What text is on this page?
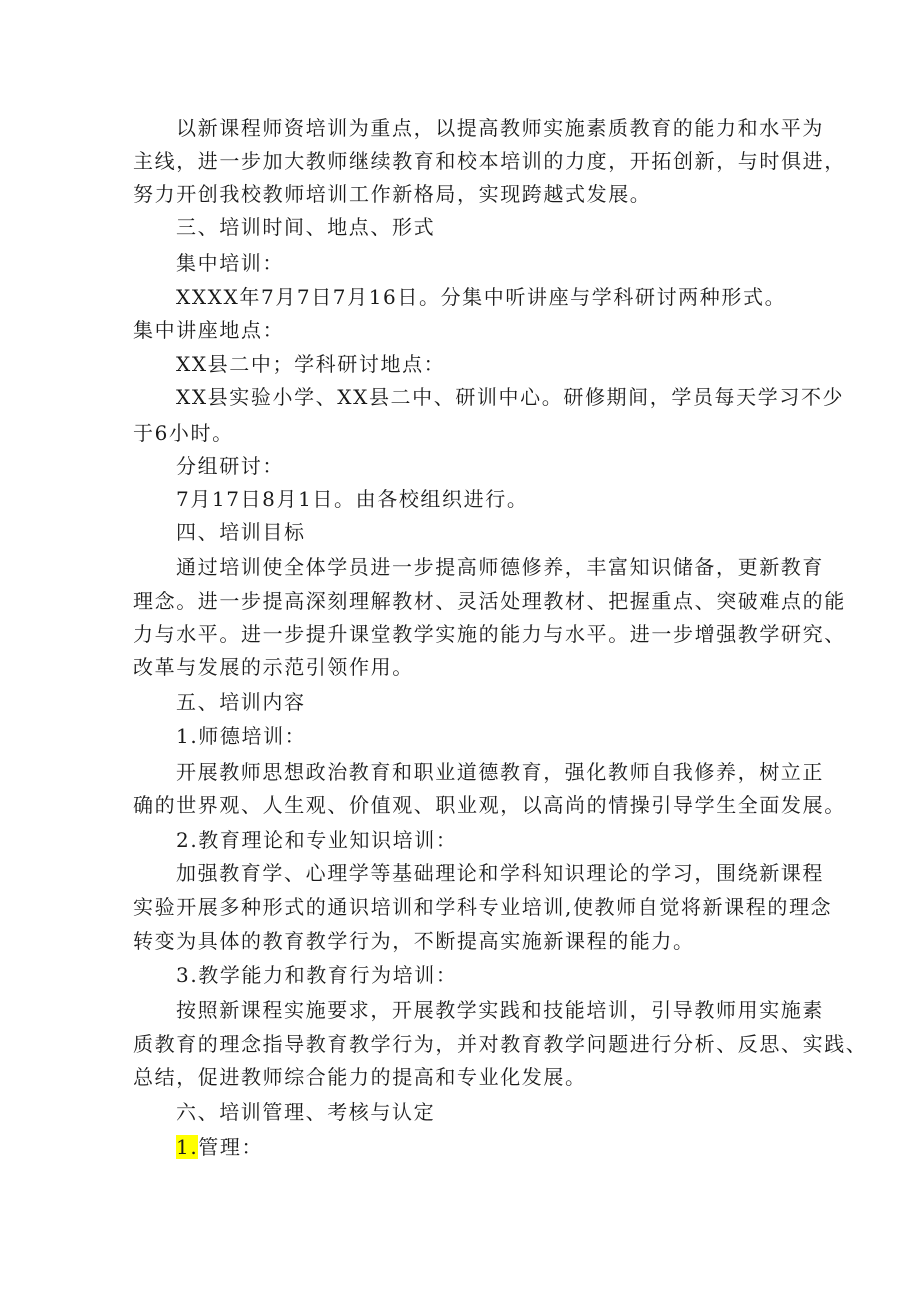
以新课程师资培训为重点，以提高教师实施素质教育的能力和水平为

主线，进一步加大教师继续教育和校本培训的力度，开拓创新，与时俱进，

努力开创我校教师培训工作新格局，实现跨越式发展。

三、培训时间、地点、形式

集中培训：

XXXX年7月7日7月16日。分集中听讲座与学科研讨两种形式。

集中讲座地点：

XX县二中；学科研讨地点：

XX县实验小学、XX县二中、研训中心。研修期间，学员每天学习不少

于6小时。

分组研讨：

7月17日8月1日。由各校组织进行。

四、培训目标

通过培训使全体学员进一步提高师德修养，丰富知识储备，更新教育

理念。进一步提高深刻理解教材、灵活处理教材、把握重点、突破难点的能

力与水平。进一步提升课堂教学实施的能力与水平。进一步增强教学研究、

改革与发展的示范引领作用。

五、培训内容

1.师德培训：

开展教师思想政治教育和职业道德教育，强化教师自我修养，树立正

确的世界观、人生观、价值观、职业观，以高尚的情操引导学生全面发展。

2.教育理论和专业知识培训：

加强教育学、心理学等基础理论和学科知识理论的学习，围绕新课程

实验开展多种形式的通识培训和学科专业培训,使教师自觉将新课程的理念

转变为具体的教育教学行为，不断提高实施新课程的能力。

3.教学能力和教育行为培训：

按照新课程实施要求，开展教学实践和技能培训，引导教师用实施素

质教育的理念指导教育教学行为，并对教育教学问题进行分析、反思、实践、

总结，促进教师综合能力的提高和专业化发展。

六、培训管理、考核与认定

1.管理：
